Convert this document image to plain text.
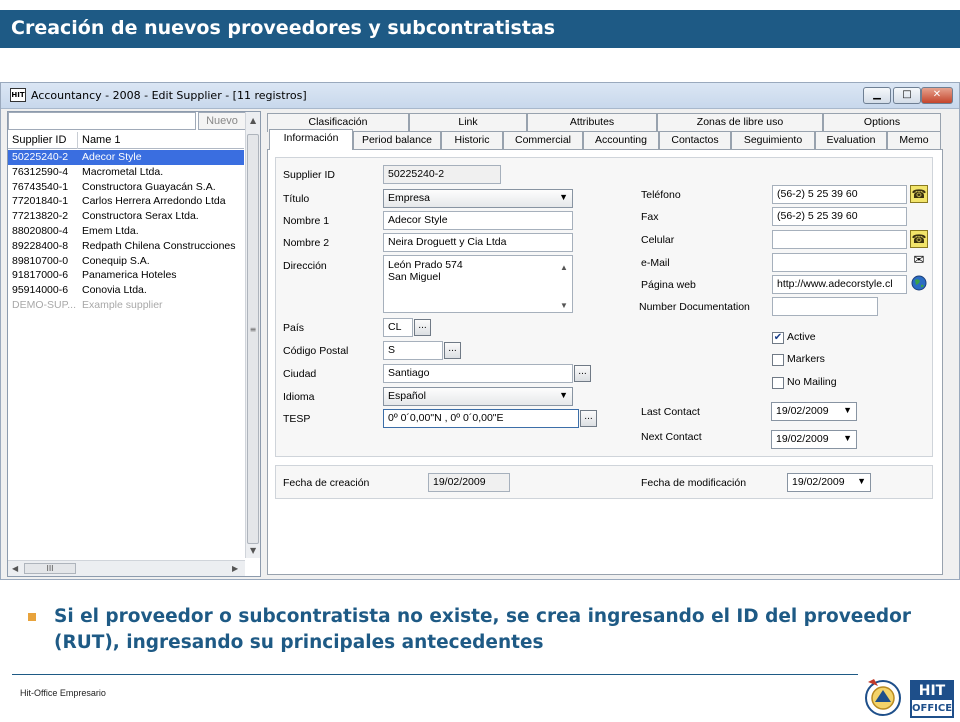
Creación de nuevos proveedores y subcontratistas
HIT Accountancy - 2008 - Edit Supplier - [11 registros]	▁	□	✕
Nuevo
Supplier ID Name 1
50225240-2 Adecor Style
76312590-4 Macrometal Ltda.
76743540-1 Constructora Guayacán S.A.
77201840-1 Carlos Herrera Arredondo Ltda
77213820-2 Constructora Serax Ltda.
88020800-4 Emem Ltda.
89228400-8 Redpath Chilena Construcciones
89810700-0 Conequip S.A.
91817000-6 Panamerica Hoteles
95914000-6 Conovia Ltda.
DEMO-SUP... Example supplier
▲
≡
▼
◀	III	▶
Clasificación	Link	Attributes	Zonas de libre uso	Options
Información	Period balance	Historic	Commercial	Accounting	Contactos	Seguimiento	Evaluation	Memo
Supplier ID	50225240-2
Título	Empresa	▼
Nombre 1	Adecor Style
Nombre 2	Neira Droguett y Cia Ltda
Dirección	León Prado 574
San Miguel
▲
▼
País	CL	...
Código Postal	S	...
Ciudad	Santiago	...
Idioma	Español	▼
TESP	0º 0´0,00"N , 0º 0´0,00"E	...
Teléfono	(56-2) 5 25 39 60	☎
Fax	(56-2) 5 25 39 60
Celular	☎
e-Mail	✉
Página web	http://www.adecorstyle.cl
Number Documentation
✔ Active
Markers
No Mailing
Last Contact	19/02/2009 ▼
Next Contact	19/02/2009 ▼
Fecha de creación	19/02/2009	Fecha de modificación	19/02/2009 ▼
Si el proveedor o subcontratista no existe, se crea ingresando el ID del proveedor (RUT), ingresando su principales antecedentes
Hit-Office Empresario	HIT
OFFICE
